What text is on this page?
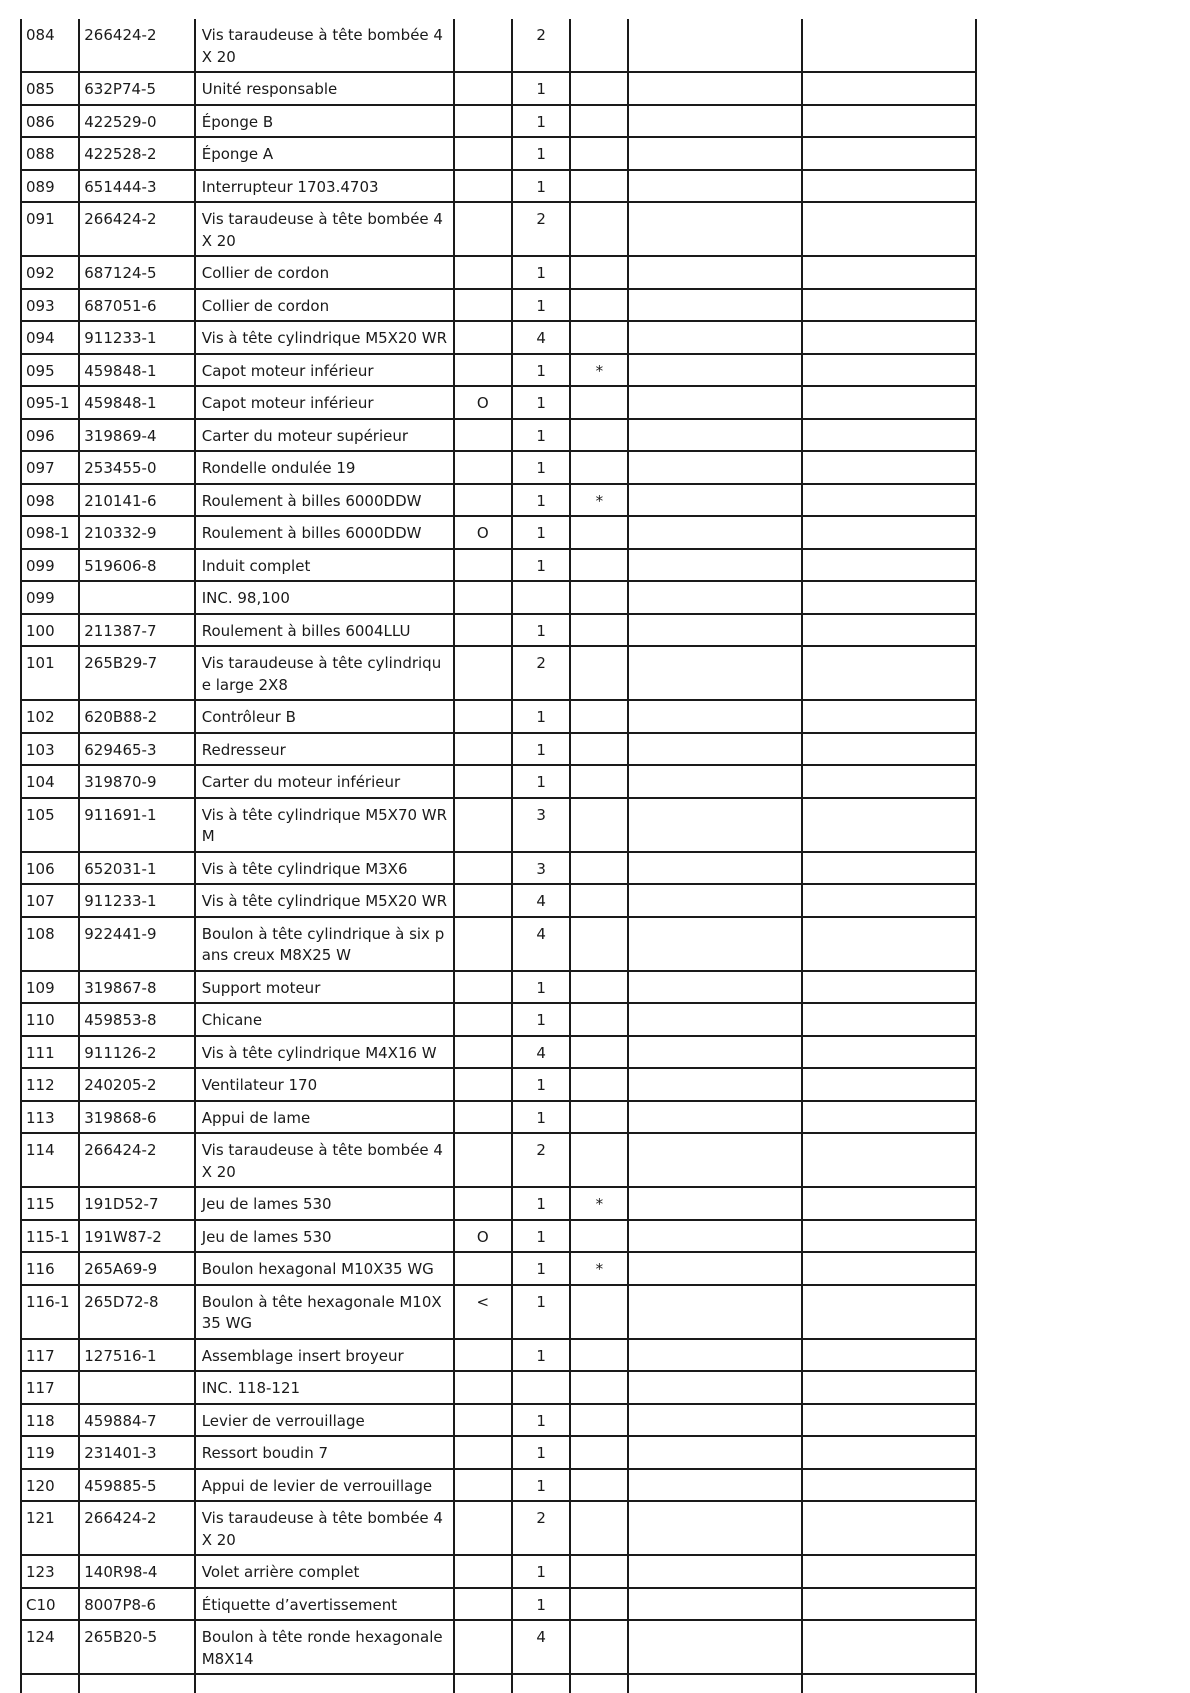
084	266424-2	Vis taraudeuse à tête bombée 4X 20		2			
085	632P74-5	Unité responsable		1			
086	422529-0	Éponge B		1			
088	422528-2	Éponge A		1			
089	651444-3	Interrupteur 1703.4703		1			
091	266424-2	Vis taraudeuse à tête bombée 4X 20		2			
092	687124-5	Collier de cordon		1			
093	687051-6	Collier de cordon		1			
094	911233-1	Vis à tête cylindrique M5X20 WR		4			
095	459848-1	Capot moteur inférieur		1	*		
095-1	459848-1	Capot moteur inférieur	O	1			
096	319869-4	Carter du moteur supérieur		1			
097	253455-0	Rondelle ondulée 19		1			
098	210141-6	Roulement à billes 6000DDW		1	*		
098-1	210332-9	Roulement à billes 6000DDW	O	1			
099	519606-8	Induit complet		1			
099		INC. 98,100					

100	211387-7	Roulement à billes 6004LLU		1			
101	265B29-7	Vis taraudeuse à tête cylindrique large 2X8		2			
102	620B88-2	Contrôleur B		1			
103	629465-3	Redresseur		1			
104	319870-9	Carter du moteur inférieur		1			
105	911691-1	Vis à tête cylindrique M5X70 WR M		3			
106	652031-1	Vis à tête cylindrique M3X6		3			
107	911233-1	Vis à tête cylindrique M5X20 WR		4			
108	922441-9	Boulon à tête cylindrique à six pans creux M8X25 W		4			
109	319867-8	Support moteur		1			
110	459853-8	Chicane		1			
111	911126-2	Vis à tête cylindrique M4X16 W		4			
112	240205-2	Ventilateur 170		1			
113	319868-6	Appui de lame		1			
114	266424-2	Vis taraudeuse à tête bombée 4X 20		2			
115	191D52-7	Jeu de lames 530		1	*		
115-1	191W87-2	Jeu de lames 530	O	1			
116	265A69-9	Boulon hexagonal M10X35 WG		1	*		
116-1	265D72-8	Boulon à tête hexagonale M10X35 WG	<	1			
117	127516-1	Assemblage insert broyeur		1			
117		INC. 118-121					

118	459884-7	Levier de verrouillage		1			
119	231401-3	Ressort boudin 7		1			
120	459885-5	Appui de levier de verrouillage		1			
121	266424-2	Vis taraudeuse à tête bombée 4X 20		2			
123	140R98-4	Volet arrière complet		1			
C10	8007P8-6	Étiquette d’avertissement		1			
124	265B20-5	Boulon à tête ronde hexagonale M8X14		4			
